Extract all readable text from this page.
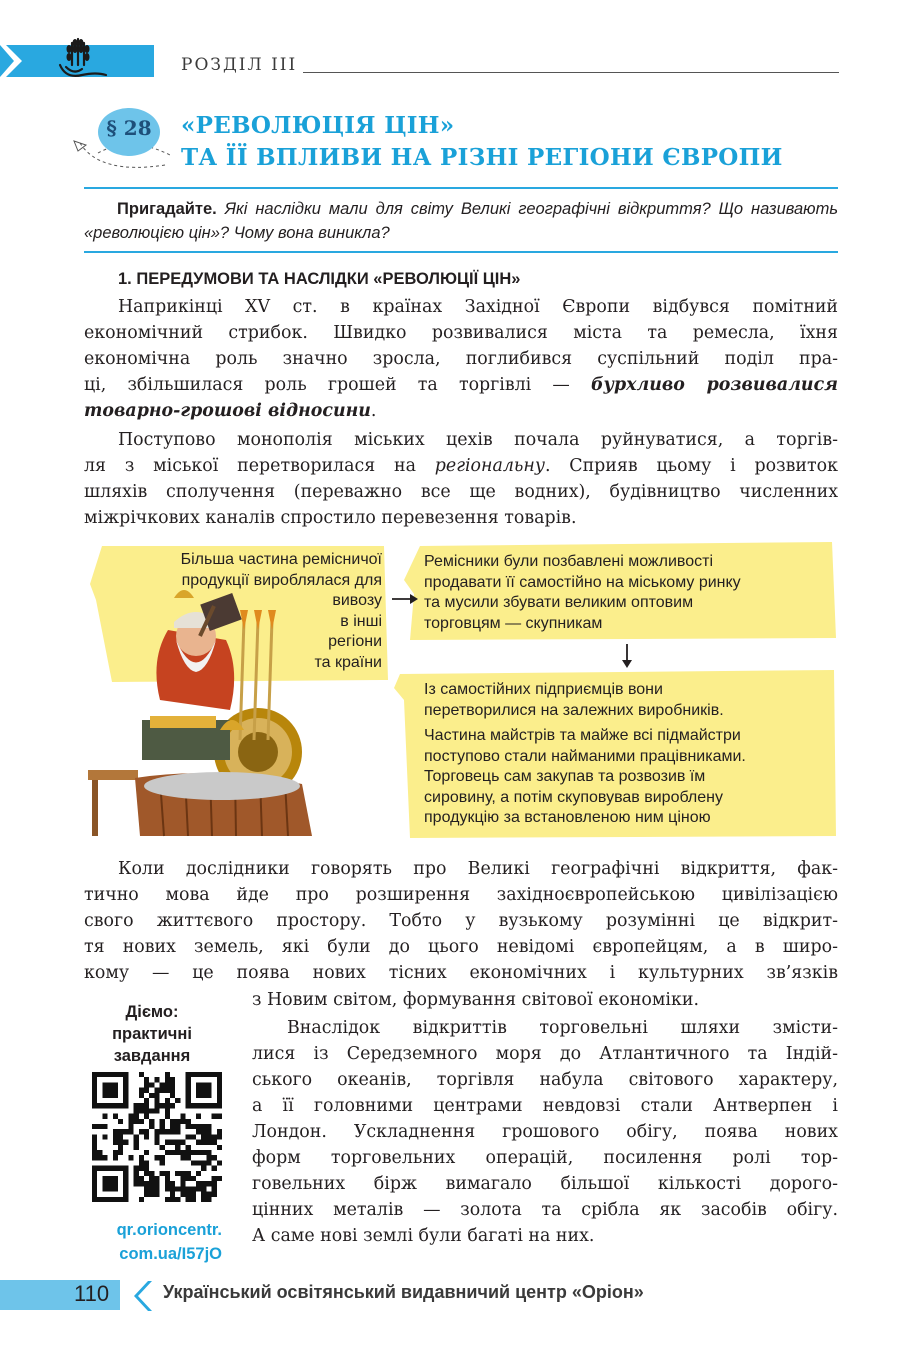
РОЗДІЛ ІІІ
§ 28	«РЕВОЛЮЦІЯ ЦІН»
ТА ЇЇ ВПЛИВИ НА РІЗНІ РЕГІОНИ ЄВРОПИ
Пригадайте. Які наслідки мали для світу Великі географічні відкриття? Що називають «революцією цін»? Чому вона виникла?
1. ПЕРЕДУМОВИ ТА НАСЛІДКИ «РЕВОЛЮЦІЇ ЦІН»
Наприкінці XV ст. в країнах Західної Європи відбувся помітний
економічний стрибок. Швидко розвивалися міста та ремесла, їхня
економічна роль значно зросла, поглибився суспільний поділ пра-
ці, збільшилася роль грошей та торгівлі — бурхливо розвивалися
товарно-грошові відносини.
Поступово монополія міських цехів почала руйнуватися, а торгів-
ля з міської перетворилася на регіональну. Сприяв цьому і розвиток
шляхів сполучення (переважно все ще водних), будівництво численних
міжрічкових каналів спростило перевезення товарів.
Більша частина ремісничої
продукції вироблялася для
вивозу
в інші
регіони
та країни
Ремісники були позбавлені можливості
продавати її самостійно на міському ринку
та мусили збувати великим оптовим
торговцям — скупникам
Із самостійних підприємців вони
перетворилися на залежних виробників.
Частина майстрів та майже всі підмайстри
поступово стали найманими працівниками.
Торговець сам закупав та розвозив їм
сировину, а потім скуповував вироблену
продукцію за встановленою ним ціною
Коли дослідники говорять про Великі географічні відкриття, фак-
тично мова йде про розширення західноєвропейською цивілізацією
свого життєвого простору. Тобто у вузькому розумінні це відкрит-
тя нових земель, які були до цього невідомі європейцям, а в широ-
кому — це поява нових тісних економічних і культурних зв’язків
з Новим світом, формування світової економіки.
Внаслідок відкриттів торговельні шляхи змісти-
лися із Середземного моря до Атлантичного та Індій-
ського океанів, торгівля набула світового характеру,
а її головними центрами невдовзі стали Антверпен і
Лондон. Ускладнення грошового обігу, поява нових
форм торговельних операцій, посилення ролі тор-
говельних бірж вимагало більшої кількості дорого-
цінних металів — золота та срібла як засобів обігу.
А саме нові землі були багаті на них.
Діємо:
практичні
завдання
qr.orioncentr.
com.ua/I57jO
110	Український освітянський видавничий центр «Оріон»
